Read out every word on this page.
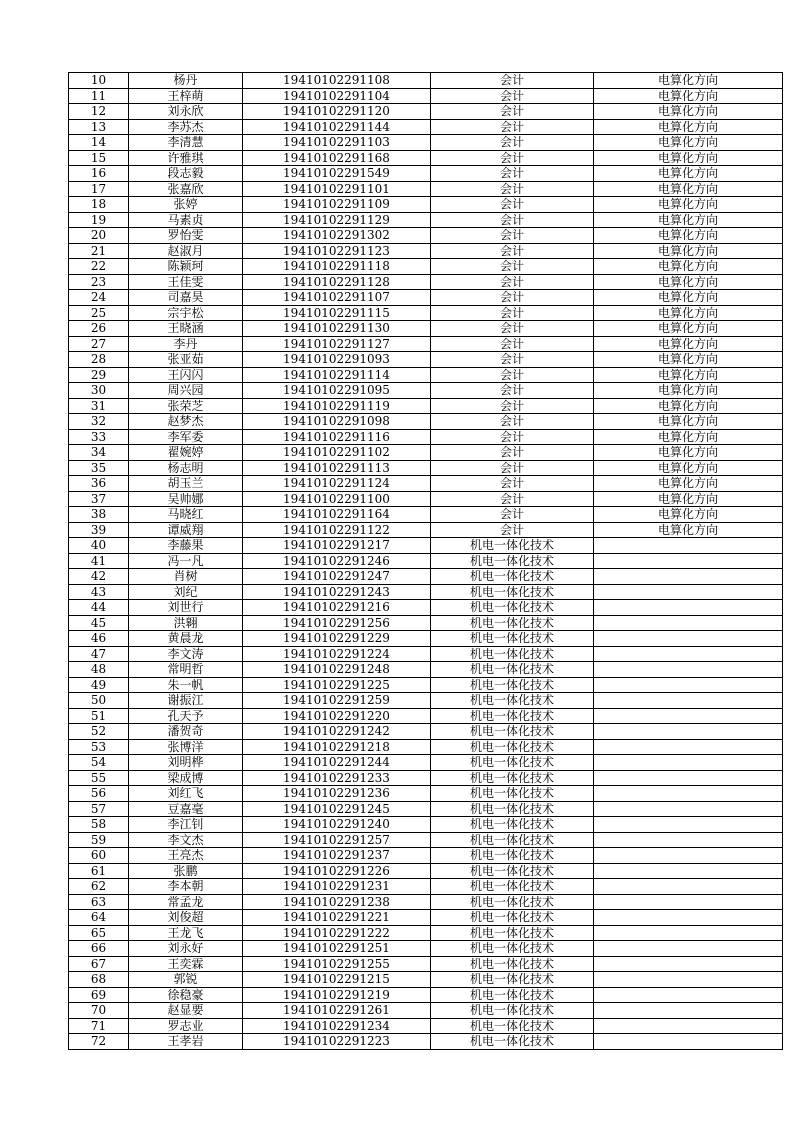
10	杨丹	19410102291108	会计	电算化方向
11	王梓萌	19410102291104	会计	电算化方向
12	刘永欣	19410102291120	会计	电算化方向
13	李苏杰	19410102291144	会计	电算化方向
14	李清慧	19410102291103	会计	电算化方向
15	许雅琪	19410102291168	会计	电算化方向
16	段志毅	19410102291549	会计	电算化方向
17	张嘉欣	19410102291101	会计	电算化方向
18	张婷	19410102291109	会计	电算化方向
19	马素贞	19410102291129	会计	电算化方向
20	罗怡雯	19410102291302	会计	电算化方向
21	赵淑月	19410102291123	会计	电算化方向
22	陈颖珂	19410102291118	会计	电算化方向
23	王佳雯	19410102291128	会计	电算化方向
24	司嘉昊	19410102291107	会计	电算化方向
25	宗宇松	19410102291115	会计	电算化方向
26	王晓涵	19410102291130	会计	电算化方向
27	李丹	19410102291127	会计	电算化方向
28	张亚茹	19410102291093	会计	电算化方向
29	王闪闪	19410102291114	会计	电算化方向
30	周兴园	19410102291095	会计	电算化方向
31	张荣芝	19410102291119	会计	电算化方向
32	赵梦杰	19410102291098	会计	电算化方向
33	李军委	19410102291116	会计	电算化方向
34	翟婉婷	19410102291102	会计	电算化方向
35	杨志明	19410102291113	会计	电算化方向
36	胡玉兰	19410102291124	会计	电算化方向
37	吴帅娜	19410102291100	会计	电算化方向
38	马晓红	19410102291164	会计	电算化方向
39	谭威翔	19410102291122	会计	电算化方向
40	李藤果	19410102291217	机电一体化技术	
41	冯一凡	19410102291246	机电一体化技术	
42	肖树	19410102291247	机电一体化技术	
43	刘纪	19410102291243	机电一体化技术	
44	刘世行	19410102291216	机电一体化技术	
45	洪翱	19410102291256	机电一体化技术	
46	黄晨龙	19410102291229	机电一体化技术	
47	李文涛	19410102291224	机电一体化技术	
48	常明哲	19410102291248	机电一体化技术	
49	朱一帆	19410102291225	机电一体化技术	
50	谢振江	19410102291259	机电一体化技术	
51	孔天予	19410102291220	机电一体化技术	
52	潘贺奇	19410102291242	机电一体化技术	
53	张博洋	19410102291218	机电一体化技术	
54	刘明桦	19410102291244	机电一体化技术	
55	梁成博	19410102291233	机电一体化技术	
56	刘红飞	19410102291236	机电一体化技术	
57	豆嘉毫	19410102291245	机电一体化技术	
58	李江钊	19410102291240	机电一体化技术	
59	李文杰	19410102291257	机电一体化技术	
60	王亮杰	19410102291237	机电一体化技术	
61	张鹏	19410102291226	机电一体化技术	
62	李本朝	19410102291231	机电一体化技术	
63	常孟龙	19410102291238	机电一体化技术	
64	刘俊超	19410102291221	机电一体化技术	
65	王龙飞	19410102291222	机电一体化技术	
66	刘永好	19410102291251	机电一体化技术	
67	王奕霖	19410102291255	机电一体化技术	
68	郭锐	19410102291215	机电一体化技术	
69	徐稳豪	19410102291219	机电一体化技术	
70	赵显要	19410102291261	机电一体化技术	
71	罗志业	19410102291234	机电一体化技术	
72	王孝岩	19410102291223	机电一体化技术	
